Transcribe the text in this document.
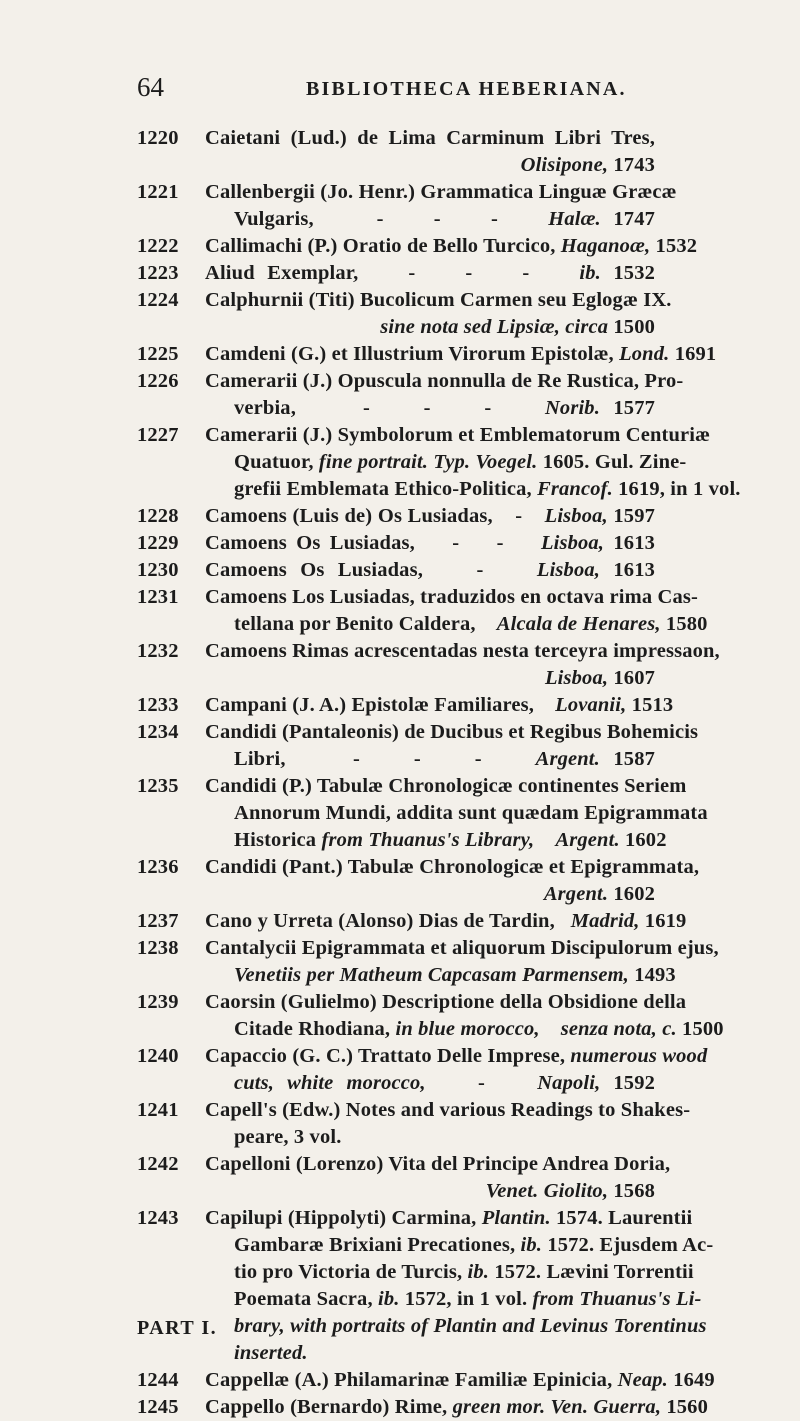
64	BIBLIOTHECA HEBERIANA.
1220	Caietani (Lud.) de Lima Carminum Libri Tres,
Olisipone, 1743
1221	Callenbergii (Jo. Henr.) Grammatica Linguæ Græcæ
Vulgaris,     -    -    -    Halæ. 1747
1222	Callimachi (P.) Oratio de Bello Turcico, Haganoæ, 1532
1223	Aliud Exemplar,    -    -    -    ib. 1532
1224	Calphurnii (Titi) Bucolicum Carmen seu Eglogæ IX.
sine nota sed Lipsiæ, circa 1500
1225	Camdeni (G.) et Illustrium Virorum Epistolæ, Lond. 1691
1226	Camerarii (J.) Opuscula nonnulla de Re Rustica, Pro-
verbia,     -    -    -    Norib. 1577
1227	Camerarii (J.) Symbolorum et Emblematorum Centuriæ
Quatuor, fine portrait. Typ. Voegel. 1605. Gul. Zine-
grefii Emblemata Ethico-Politica, Francof. 1619, in 1 vol.
1228	Camoens (Luis de) Os Lusiadas,    -    Lisboa, 1597
1229	Camoens Os Lusiadas,    -    -    Lisboa, 1613
1230	Camoens Os Lusiadas,    -    Lisboa, 1613
1231	Camoens Los Lusiadas, traduzidos en octava rima Cas-
tellana por Benito Caldera,    Alcala de Henares, 1580
1232	Camoens Rimas acrescentadas nesta terceyra impressaon,
Lisboa, 1607
1233	Campani (J. A.) Epistolæ Familiares,    Lovanii, 1513
1234	Candidi (Pantaleonis) de Ducibus et Regibus Bohemicis
Libri,     -    -    -    Argent. 1587
1235	Candidi (P.) Tabulæ Chronologicæ continentes Seriem
Annorum Mundi, addita sunt quædam Epigrammata
Historica from Thuanus's Library, Argent. 1602
1236	Candidi (Pant.) Tabulæ Chronologicæ et Epigrammata,
Argent. 1602
1237	Cano y Urreta (Alonso) Dias de Tardin,   Madrid, 1619
1238	Cantalycii Epigrammata et aliquorum Discipulorum ejus,
Venetiis per Matheum Capcasam Parmensem, 1493
1239	Caorsin (Gulielmo) Descriptione della Obsidione della
Citade Rhodiana, in blue morocco,    senza nota, c. 1500
1240	Capaccio (G. C.) Trattato Delle Imprese, numerous wood
cuts, white morocco,    -    Napoli, 1592
1241	Capell's (Edw.) Notes and various Readings to Shakes-
peare, 3 vol.
1242	Capelloni (Lorenzo) Vita del Principe Andrea Doria,
Venet. Giolito, 1568
1243	Capilupi (Hippolyti) Carmina, Plantin. 1574. Laurentii
Gambaræ Brixiani Precationes, ib. 1572. Ejusdem Ac-
tio pro Victoria de Turcis, ib. 1572. Lævini Torrentii
Poemata Sacra, ib. 1572, in 1 vol. from Thuanus's Li-
brary, with portraits of Plantin and Levinus Torentinus
inserted.
1244	Cappellæ (A.) Philamarinæ Familiæ Epinicia, Neap. 1649
1245	Cappello (Bernardo) Rime, green mor. Ven. Guerra, 1560
PART I.
